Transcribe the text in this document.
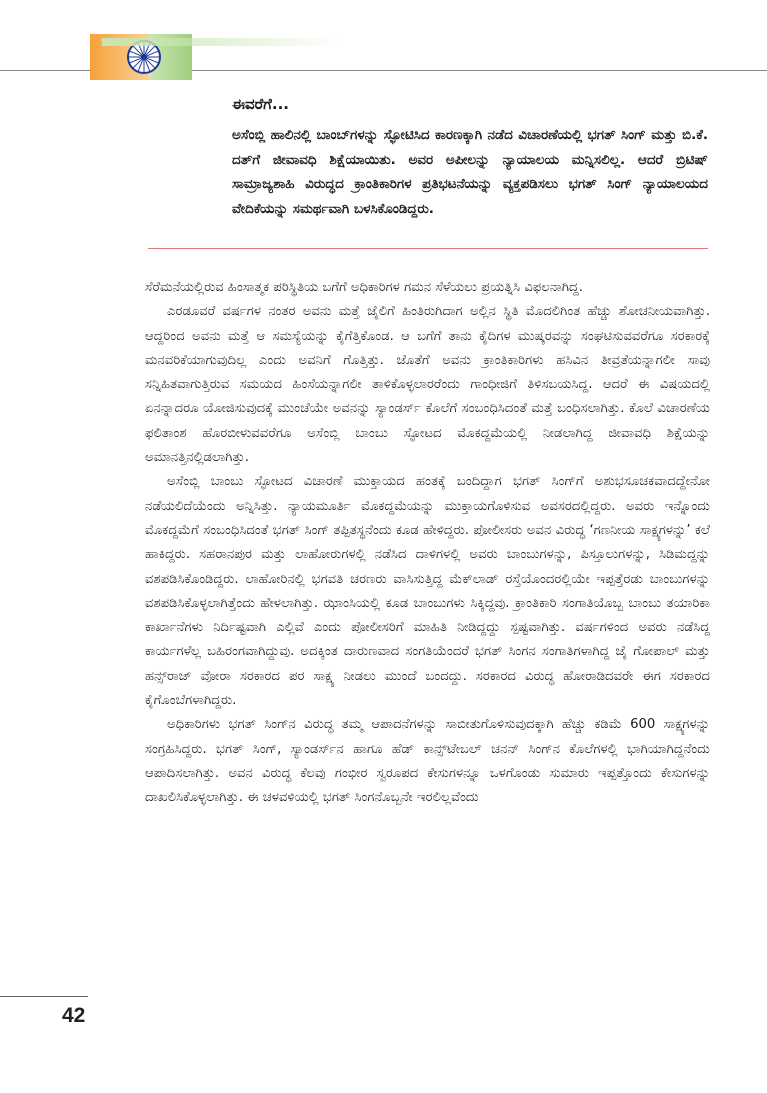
ಈವರೆಗೆ...
ಅಸೆಂಬ್ಲಿ ಹಾಲಿನಲ್ಲಿ ಬಾಂಬ್‌ಗಳನ್ನು ಸ್ಫೋಟಿಸಿದ ಕಾರಣಕ್ಕಾಗಿ ನಡೆದ ವಿಚಾರಣೆಯಲ್ಲಿ ಭಗತ್ ಸಿಂಗ್ ಮತ್ತು ಬಿ.ಕೆ. ದತ್‌ಗೆ ಜೀವಾವಧಿ ಶಿಕ್ಷೆಯಾಯಿತು. ಅವರ ಅಪೀಲನ್ನು ನ್ಯಾಯಾಲಯ ಮನ್ನಿಸಲಿಲ್ಲ. ಆದರೆ ಬ್ರಿಟಿಷ್ ಸಾಮ್ರಾಜ್ಯಶಾಹಿ ವಿರುದ್ಧದ ಕ್ರಾಂತಿಕಾರಿಗಳ ಪ್ರತಿಭಟನೆಯನ್ನು ವ್ಯಕ್ತಪಡಿಸಲು ಭಗತ್ ಸಿಂಗ್ ನ್ಯಾಯಾಲಯದ ವೇದಿಕೆಯನ್ನು ಸಮರ್ಥವಾಗಿ ಬಳಸಿಕೊಂಡಿದ್ದರು.

ಸೆರೆಮನೆಯಲ್ಲಿರುವ ಹಿಂಸಾತ್ಮಕ ಪರಿಸ್ಥಿತಿಯ ಬಗೆಗೆ ಅಧಿಕಾರಿಗಳ ಗಮನ ಸೆಳೆಯಲು ಪ್ರಯತ್ನಿಸಿ ವಿಫಲನಾಗಿದ್ದ.

ಎರಡೂವರೆ ವರ್ಷಗಳ ನಂತರ ಅವನು ಮತ್ತೆ ಜೈಲಿಗೆ ಹಿಂತಿರುಗಿದಾಗ ಅಲ್ಲಿನ ಸ್ಥಿತಿ ಮೊದಲಿಗಿಂತ ಹೆಚ್ಚು ಶೋಚನೀಯವಾಗಿತ್ತು. ಆದ್ದರಿಂದ ಅವನು ಮತ್ತೆ ಆ ಸಮಸ್ಯೆಯನ್ನು ಕೈಗೆತ್ತಿಕೊಂಡ. ಆ ಬಗೆಗೆ ತಾನು ಕೈದಿಗಳ ಮುಷ್ಕರವನ್ನು ಸಂಘಟಿಸುವವರೆಗೂ ಸರಕಾರಕ್ಕೆ ಮನವರಿಕೆಯಾಗುವುದಿಲ್ಲ ಎಂದು ಅವನಿಗೆ ಗೊತ್ತಿತ್ತು. ಜೊತೆಗೆ ಅವನು ಕ್ರಾಂತಿಕಾರಿಗಳು ಹಸಿವಿನ ತೀವ್ರತೆಯನ್ನಾಗಲೀ ಸಾವು ಸನ್ನಿಹಿತವಾಗುತ್ತಿರುವ ಸಮಯದ ಹಿಂಸೆಯನ್ನಾಗಲೀ ತಾಳಿಕೊಳ್ಳಲಾರರೆಂದು ಗಾಂಧೀಜಿಗೆ ತಿಳಿಸಬಯಸಿದ್ದ. ಆದರೆ ಈ ವಿಷಯದಲ್ಲಿ ಏನನ್ನಾದರೂ ಯೋಜಿಸುವುದಕ್ಕೆ ಮುಂಚೆಯೇ ಅವನನ್ನು ಸ್ಯಾಂಡರ್ಸ್ ಕೊಲೆಗೆ ಸಂಬಂಧಿಸಿದಂತೆ ಮತ್ತೆ ಬಂಧಿಸಲಾಗಿತ್ತು. ಕೊಲೆ ವಿಚಾರಣೆಯ ಫಲಿತಾಂಶ ಹೊರಬೀಳುವವರೆಗೂ ಅಸೆಂಬ್ಲಿ ಬಾಂಬು ಸ್ಫೋಟದ ಮೊಕದ್ದಮೆಯಲ್ಲಿ ನೀಡಲಾಗಿದ್ದ ಜೀವಾವಧಿ ಶಿಕ್ಷೆಯನ್ನು ಅಮಾನತ್ತಿನಲ್ಲಿಡಲಾಗಿತ್ತು.

ಅಸೆಂಬ್ಲಿ ಬಾಂಬು ಸ್ಫೋಟದ ವಿಚಾರಣೆ ಮುಕ್ತಾಯದ ಹಂತಕ್ಕೆ ಬಂದಿದ್ದಾಗ ಭಗತ್ ಸಿಂಗ್‌ಗೆ ಅಶುಭಸೂಚಕವಾದದ್ದೇನೋ ನಡೆಯಲಿದೆಯೆಂದು ಅನ್ನಿಸಿತ್ತು. ನ್ಯಾಯಮೂರ್ತಿ ಮೊಕದ್ದಮೆಯನ್ನು ಮುಕ್ತಾಯಗೊಳಿಸುವ ಅವಸರದಲ್ಲಿದ್ದರು. ಅವರು ಇನ್ನೊಂದು ಮೊಕದ್ದಮೆಗೆ ಸಂಬಂಧಿಸಿದಂತೆ ಭಗತ್ ಸಿಂಗ್ ತಪ್ಪಿತಸ್ಥನೆಂದು ಕೂಡ ಹೇಳಿದ್ದರು. ಪೋಲೀಸರು ಅವನ ವಿರುದ್ಧ ‘ಗಣನೀಯ ಸಾಕ್ಷ್ಯಗಳನ್ನು’ ಕಲೆ ಹಾಕಿದ್ದರು. ಸಹರಾನಪುರ ಮತ್ತು ಲಾಹೋರುಗಳಲ್ಲಿ ನಡೆಸಿದ ದಾಳಿಗಳಲ್ಲಿ ಅವರು ಬಾಂಬುಗಳನ್ನು, ಪಿಸ್ತೂಲುಗಳನ್ನು, ಸಿಡಿಮದ್ದನ್ನು ವಶಪಡಿಸಿಕೊಂಡಿದ್ದರು. ಲಾಹೋರಿನಲ್ಲಿ ಭಗವತಿ ಚರಣರು ವಾಸಿಸುತ್ತಿದ್ದ ಮೆಕ್‌ಲಾಡ್ ರಸ್ತೆಯೊಂದರಲ್ಲಿಯೇ ಇಪ್ಪತ್ತೆರಡು ಬಾಂಬುಗಳನ್ನು ವಶಪಡಿಸಿಕೊಳ್ಳಲಾಗಿತ್ತೆಂದು ಹೇಳಲಾಗಿತ್ತು. ಝಾಂಸಿಯಲ್ಲಿ ಕೂಡ ಬಾಂಬುಗಳು ಸಿಕ್ಕಿದ್ದವು. ಕ್ರಾಂತಿಕಾರಿ ಸಂಗಾತಿಯೊಬ್ಬ ಬಾಂಬು ತಯಾರಿಕಾ ಕಾರ್ಖಾನೆಗಳು ನಿರ್ದಿಷ್ಟವಾಗಿ ಎಲ್ಲಿವೆ ಎಂದು ಪೋಲೀಸರಿಗೆ ಮಾಹಿತಿ ನೀಡಿದ್ದದ್ದು ಸ್ಪಷ್ಟವಾಗಿತ್ತು. ವರ್ಷಗಳಿಂದ ಅವರು ನಡೆಸಿದ್ದ ಕಾರ್ಯಗಳೆಲ್ಲ ಬಹಿರಂಗವಾಗಿದ್ದುವು. ಅದಕ್ಕಿಂತ ದಾರುಣವಾದ ಸಂಗತಿಯೆಂದರೆ ಭಗತ್ ಸಿಂಗನ ಸಂಗಾತಿಗಳಾಗಿದ್ದ ಜೈ ಗೋಪಾಲ್ ಮತ್ತು ಹನ್ಸ್‌ರಾಜ್ ವೋರಾ ಸರಕಾರದ ಪರ ಸಾಕ್ಷ್ಯ ನೀಡಲು ಮುಂದೆ ಬಂದದ್ದು. ಸರಕಾರದ ವಿರುದ್ಧ ಹೋರಾಡಿದವರೇ ಈಗ ಸರಕಾರದ ಕೈಗೊಂಬೆಗಳಾಗಿದ್ದರು.

ಅಧಿಕಾರಿಗಳು ಭಗತ್ ಸಿಂಗ್‌ನ ವಿರುದ್ಧ ತಮ್ಮ ಆಪಾದನೆಗಳನ್ನು ಸಾಬೀತುಗೊಳಿಸುವುದಕ್ಕಾಗಿ ಹೆಚ್ಚು ಕಡಿಮೆ 600 ಸಾಕ್ಷ್ಯಗಳನ್ನು ಸಂಗ್ರಹಿಸಿದ್ದರು. ಭಗತ್ ಸಿಂಗ್, ಸ್ಯಾಂಡರ್ಸ್‌ನ ಹಾಗೂ ಹೆಡ್ ಕಾನ್ಸ್‌ಟೇಬಲ್ ಚನನ್ ಸಿಂಗ್‌ನ ಕೊಲೆಗಳಲ್ಲಿ ಭಾಗಿಯಾಗಿದ್ದನೆಂದು ಆಪಾದಿಸಲಾಗಿತ್ತು. ಅವನ ವಿರುದ್ಧ ಕೆಲವು ಗಂಭೀರ ಸ್ವರೂಪದ ಕೇಸುಗಳನ್ನೂ ಒಳಗೊಂಡು ಸುಮಾರು ಇಪ್ಪತ್ತೊಂದು ಕೇಸುಗಳನ್ನು ದಾಖಲಿಸಿಕೊಳ್ಳಲಾಗಿತ್ತು. ಈ ಚಳವಳಿಯಲ್ಲಿ ಭಗತ್ ಸಿಂಗನೊಬ್ಬನೇ ಇರಲಿಲ್ಲವೆಂದು

42
